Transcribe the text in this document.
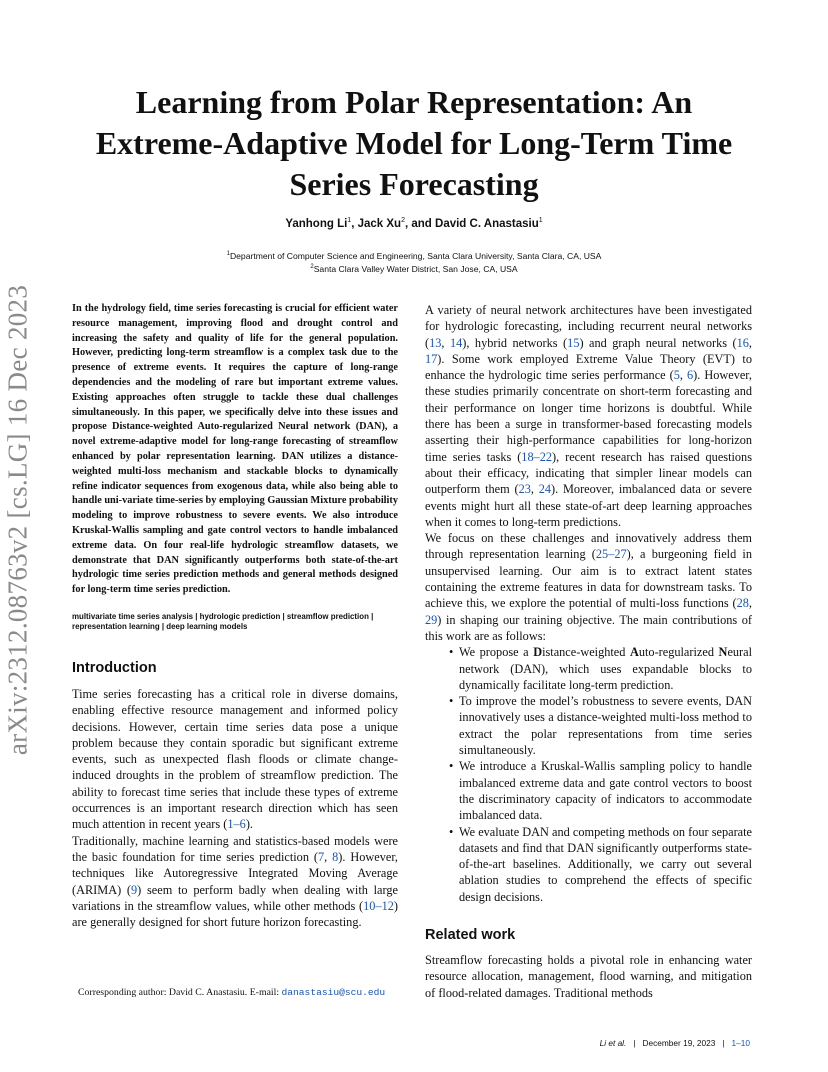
arXiv:2312.08763v2 [cs.LG] 16 Dec 2023
Learning from Polar Representation: An Extreme-Adaptive Model for Long-Term Time Series Forecasting
Yanhong Li$^1$, Jack Xu$^2$, and David C. Anastasiu$^1$
$^1$Department of Computer Science and Engineering, Santa Clara University, Santa Clara, CA, USA
$^2$Santa Clara Valley Water District, San Jose, CA, USA
In the hydrology field, time series forecasting is crucial for efficient water resource management, improving flood and drought control and increasing the safety and quality of life for the general population. However, predicting long-term streamflow is a complex task due to the presence of extreme events. It requires the capture of long-range dependencies and the modeling of rare but important extreme values. Existing approaches often struggle to tackle these dual challenges simultaneously. In this paper, we specifically delve into these issues and propose Distance-weighted Auto-regularized Neural network (DAN), a novel extreme-adaptive model for long-range forecasting of streamflow enhanced by polar representation learning. DAN utilizes a distance-weighted multi-loss mechanism and stackable blocks to dynamically refine indicator sequences from exogenous data, while also being able to handle uni-variate time-series by employing Gaussian Mixture probability modeling to improve robustness to severe events. We also introduce Kruskal-Wallis sampling and gate control vectors to handle imbalanced extreme data. On four real-life hydrologic streamflow datasets, we demonstrate that DAN significantly outperforms both state-of-the-art hydrologic time series prediction methods and general methods designed for long-term time series prediction.
multivariate time series analysis | hydrologic prediction | streamflow prediction | representation learning | deep learning models
Introduction

Time series forecasting has a critical role in diverse domains, enabling effective resource management and informed policy decisions. However, certain time series data pose a unique problem because they contain sporadic but significant extreme events, such as unexpected flash floods or climate change-induced droughts in the problem of streamflow prediction. The ability to forecast time series that include these types of extreme occurrences is an important research direction which has seen much attention in recent years (1–6).

Traditionally, machine learning and statistics-based models were the basic foundation for time series prediction (7, 8). However, techniques like Autoregressive Integrated Moving Average (ARIMA) (9) seem to perform badly when dealing with large variations in the streamflow values, while other methods (10–12) are generally designed for short future horizon forecasting.

A variety of neural network architectures have been investigated for hydrologic forecasting, including recurrent neural networks (13, 14), hybrid networks (15) and graph neural networks (16, 17). Some work employed Extreme Value Theory (EVT) to enhance the hydrologic time series performance (5, 6). However, these studies primarily concentrate on short-term forecasting and their performance on longer time horizons is doubtful. While there has been a surge in transformer-based forecasting models asserting their high-performance capabilities for long-horizon time series tasks (18–22), recent research has raised questions about their efficacy, indicating that simpler linear models can outperform them (23, 24). Moreover, imbalanced data or severe events might hurt all these state-of-art deep learning approaches when it comes to long-term predictions.

We focus on these challenges and innovatively address them through representation learning (25–27), a burgeoning field in unsupervised learning. Our aim is to extract latent states containing the extreme features in data for downstream tasks. To achieve this, we explore the potential of multi-loss functions (28, 29) in shaping our training objective. The main contributions of this work are as follows:

• We propose a Distance-weighted Auto-regularized Neural network (DAN), which uses expandable blocks to dynamically facilitate long-term prediction.
• To improve the model’s robustness to severe events, DAN innovatively uses a distance-weighted multi-loss method to extract the polar representations from time series simultaneously.
• We introduce a Kruskal-Wallis sampling policy to handle imbalanced extreme data and gate control vectors to boost the discriminatory capacity of indicators to accommodate imbalanced data.
• We evaluate DAN and competing methods on four separate datasets and find that DAN significantly outperforms state-of-the-art baselines. Additionally, we carry out several ablation studies to comprehend the effects of specific design decisions.
Related work

Streamflow forecasting holds a pivotal role in enhancing water resource allocation, management, flood warning, and mitigation of flood-related damages. Traditional methods

Corresponding author: David C. Anastasiu. E-mail: danastasiu@scu.edu
Li et al. | December 19, 2023 | 1–10
